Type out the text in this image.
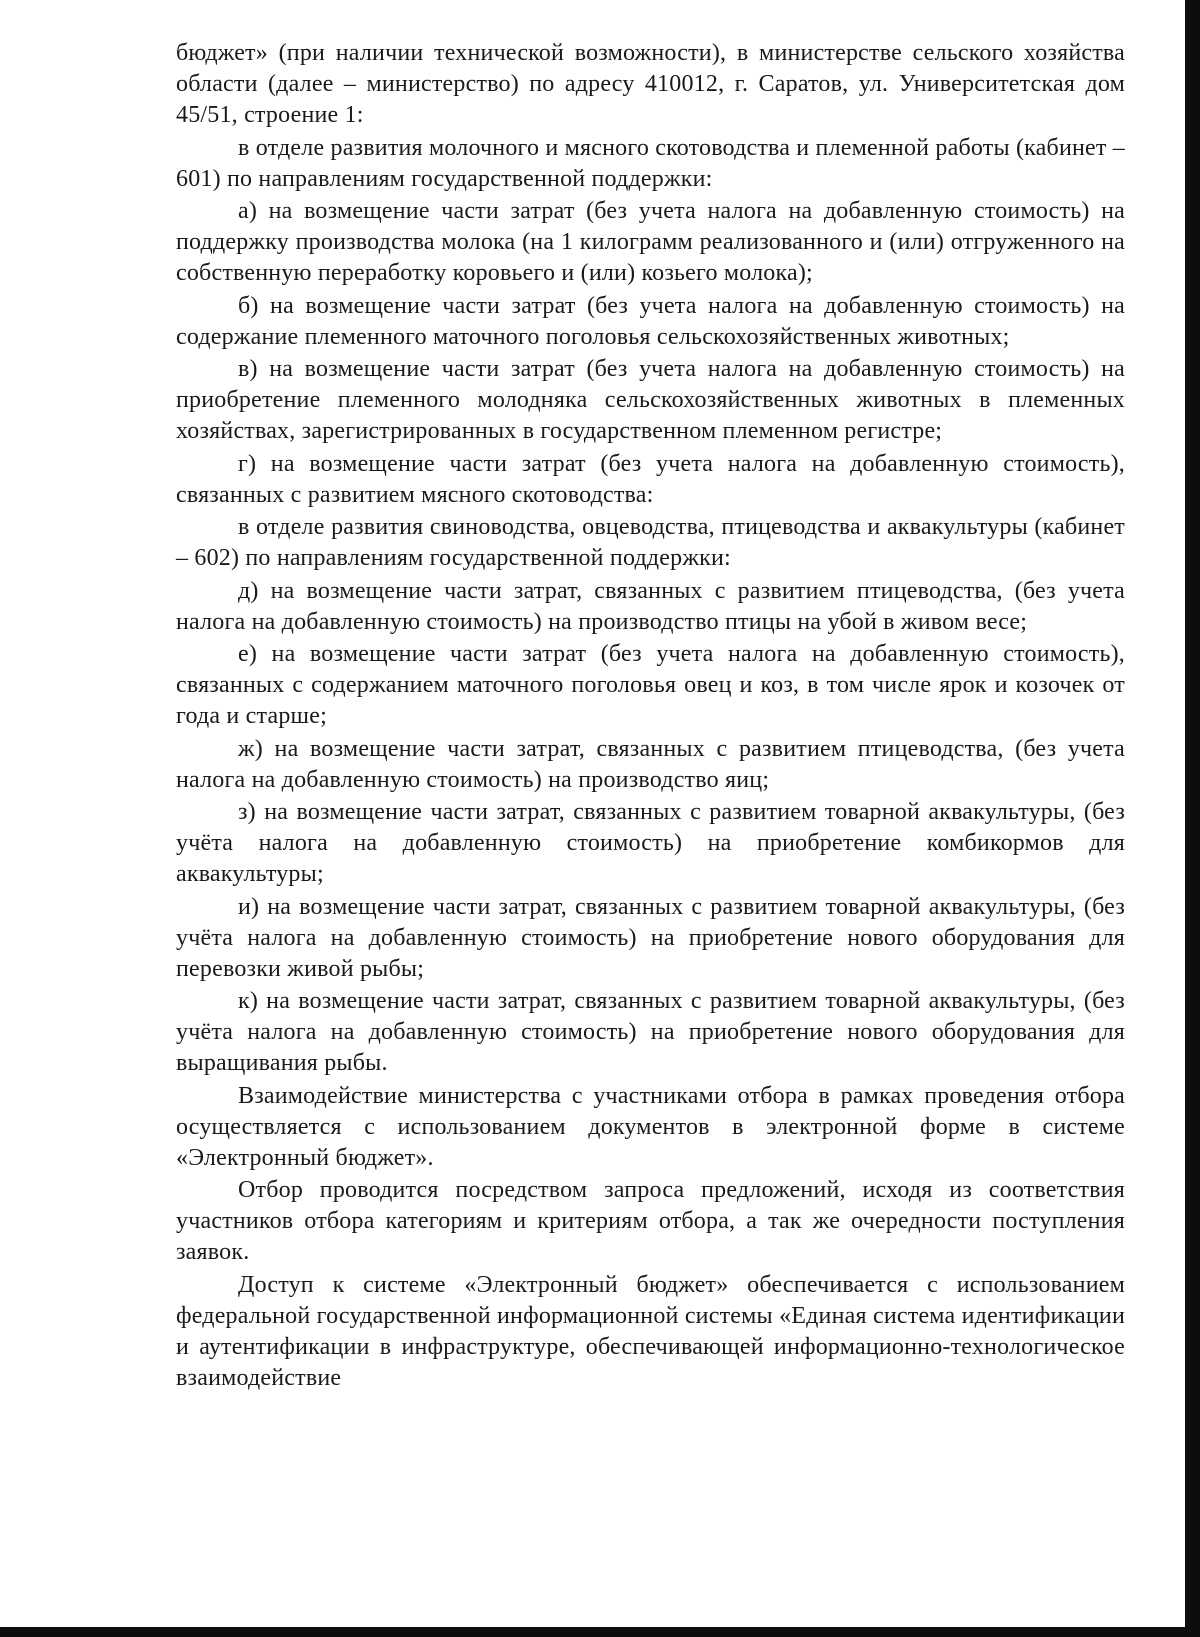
бюджет» (при наличии технической возможности), в министерстве сельского хозяйства области (далее – министерство) по адресу 410012, г. Саратов, ул. Университетская дом 45/51, строение 1:

в отделе развития молочного и мясного скотоводства и племенной работы (кабинет – 601) по направлениям государственной поддержки:

а) на возмещение части затрат (без учета налога на добавленную стоимость) на поддержку производства молока (на 1 килограмм реализованного и (или) отгруженного на собственную переработку коровьего и (или) козьего молока);

б) на возмещение части затрат (без учета налога на добавленную стоимость) на содержание племенного маточного поголовья сельскохозяйственных животных;

в) на возмещение части затрат (без учета налога на добавленную стоимость) на приобретение племенного молодняка сельскохозяйственных животных в племенных хозяйствах, зарегистрированных в государственном племенном регистре;

г) на возмещение части затрат (без учета налога на добавленную стоимость), связанных с развитием мясного скотоводства:

в отделе развития свиноводства, овцеводства, птицеводства и аквакультуры (кабинет – 602) по направлениям государственной поддержки:

д) на возмещение части затрат, связанных с развитием птицеводства, (без учета налога на добавленную стоимость) на производство птицы на убой в живом весе;

е) на возмещение части затрат (без учета налога на добавленную стоимость), связанных с содержанием маточного поголовья овец и коз, в том числе ярок и козочек от года и старше;

ж) на возмещение части затрат, связанных с развитием птицеводства, (без учета налога на добавленную стоимость) на производство яиц;

з) на возмещение части затрат, связанных с развитием товарной аквакультуры, (без учёта налога на добавленную стоимость) на приобретение комбикормов для аквакультуры;

и) на возмещение части затрат, связанных с развитием товарной аквакультуры, (без учёта налога на добавленную стоимость) на приобретение нового оборудования для перевозки живой рыбы;

к) на возмещение части затрат, связанных с развитием товарной аквакультуры, (без учёта налога на добавленную стоимость) на приобретение нового оборудования для выращивания рыбы.

Взаимодействие министерства с участниками отбора в рамках проведения отбора осуществляется с использованием документов в электронной форме в системе «Электронный бюджет».

Отбор проводится посредством запроса предложений, исходя из соответствия участников отбора категориям и критериям отбора, а так же очередности поступления заявок.

Доступ к системе «Электронный бюджет» обеспечивается с использованием федеральной государственной информационной системы «Единая система идентификации и аутентификации в инфраструктуре, обеспечивающей информационно-технологическое взаимодействие
